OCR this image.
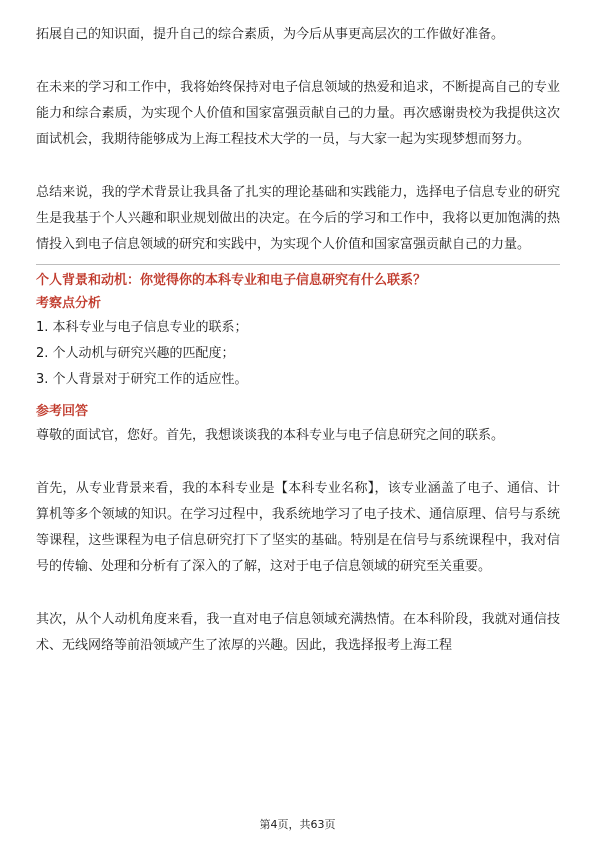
拓展自己的知识面，提升自己的综合素质，为今后从事更高层次的工作做好准备。

在未来的学习和工作中，我将始终保持对电子信息领域的热爱和追求，不断提高自己的专业能力和综合素质，为实现个人价值和国家富强贡献自己的力量。再次感谢贵校为我提供这次面试机会，我期待能够成为上海工程技术大学的一员，与大家一起为实现梦想而努力。

总结来说，我的学术背景让我具备了扎实的理论基础和实践能力，选择电子信息专业的研究生是我基于个人兴趣和职业规划做出的决定。在今后的学习和工作中，我将以更加饱满的热情投入到电子信息领域的研究和实践中，为实现个人价值和国家富强贡献自己的力量。

个人背景和动机：你觉得你的本科专业和电子信息研究有什么联系？

考察点分析

1. 本科专业与电子信息专业的联系；

2. 个人动机与研究兴趣的匹配度；

3. 个人背景对于研究工作的适应性。

参考回答

尊敬的面试官，您好。首先，我想谈谈我的本科专业与电子信息研究之间的联系。

首先，从专业背景来看，我的本科专业是【本科专业名称】，该专业涵盖了电子、通信、计算机等多个领域的知识。在学习过程中，我系统地学习了电子技术、通信原理、信号与系统等课程，这些课程为电子信息研究打下了坚实的基础。特别是在信号与系统课程中，我对信号的传输、处理和分析有了深入的了解，这对于电子信息领域的研究至关重要。

其次，从个人动机角度来看，我一直对电子信息领域充满热情。在本科阶段，我就对通信技术、无线网络等前沿领域产生了浓厚的兴趣。因此，我选择报考上海工程

第4页，共63页
